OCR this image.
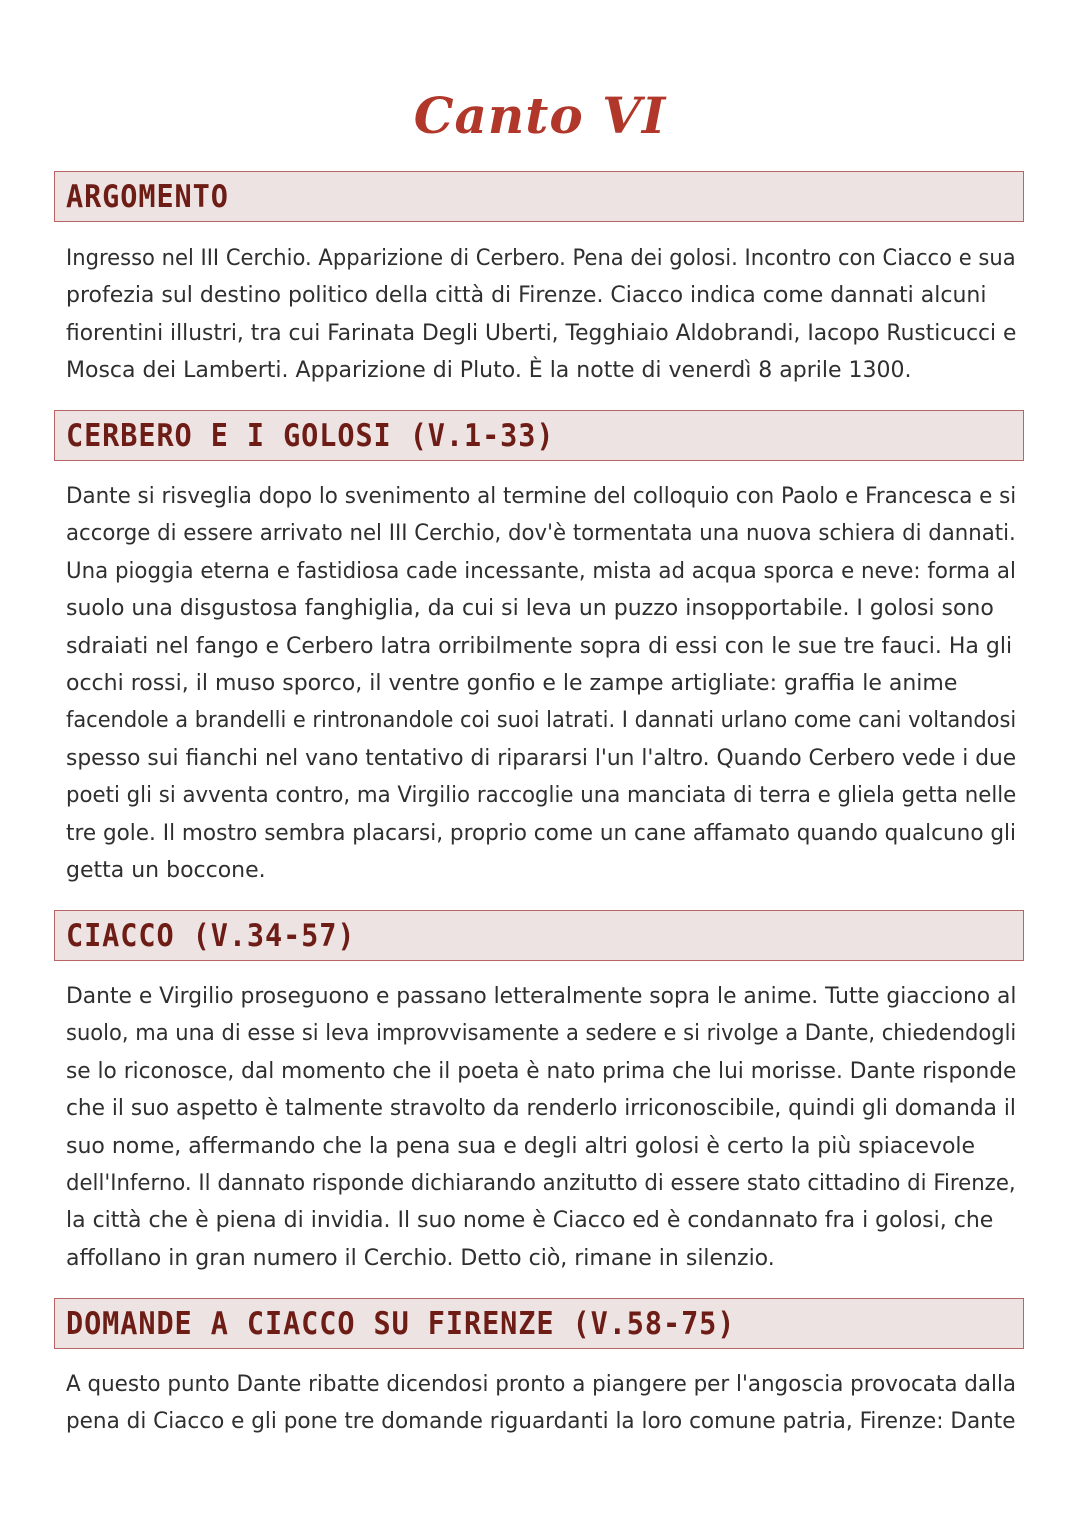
Canto VI
ARGOMENTO

Ingresso nel III Cerchio. Apparizione di Cerbero. Pena dei golosi. Incontro con Ciacco e sua
profezia sul destino politico della città di Firenze. Ciacco indica come dannati alcuni
fiorentini illustri, tra cui Farinata Degli Uberti, Tegghiaio Aldobrandi, Iacopo Rusticucci e
Mosca dei Lamberti. Apparizione di Pluto. È la notte di venerdì 8 aprile 1300.

CERBERO E I GOLOSI (V.1-33)

Dante si risveglia dopo lo svenimento al termine del colloquio con Paolo e Francesca e si
accorge di essere arrivato nel III Cerchio, dov'è tormentata una nuova schiera di dannati.
Una pioggia eterna e fastidiosa cade incessante, mista ad acqua sporca e neve: forma al
suolo una disgustosa fanghiglia, da cui si leva un puzzo insopportabile. I golosi sono
sdraiati nel fango e Cerbero latra orribilmente sopra di essi con le sue tre fauci. Ha gli
occhi rossi, il muso sporco, il ventre gonfio e le zampe artigliate: graffia le anime
facendole a brandelli e rintronandole coi suoi latrati. I dannati urlano come cani voltandosi
spesso sui fianchi nel vano tentativo di ripararsi l'un l'altro. Quando Cerbero vede i due
poeti gli si avventa contro, ma Virgilio raccoglie una manciata di terra e gliela getta nelle
tre gole. Il mostro sembra placarsi, proprio come un cane affamato quando qualcuno gli
getta un boccone.

CIACCO (V.34-57)

Dante e Virgilio proseguono e passano letteralmente sopra le anime. Tutte giacciono al
suolo, ma una di esse si leva improvvisamente a sedere e si rivolge a Dante, chiedendogli
se lo riconosce, dal momento che il poeta è nato prima che lui morisse. Dante risponde
che il suo aspetto è talmente stravolto da renderlo irriconoscibile, quindi gli domanda il
suo nome, affermando che la pena sua e degli altri golosi è certo la più spiacevole
dell'Inferno. Il dannato risponde dichiarando anzitutto di essere stato cittadino di Firenze,
la città che è piena di invidia. Il suo nome è Ciacco ed è condannato fra i golosi, che
affollano in gran numero il Cerchio. Detto ciò, rimane in silenzio.

DOMANDE A CIACCO SU FIRENZE (V.58-75)

A questo punto Dante ribatte dicendosi pronto a piangere per l'angoscia provocata dalla
pena di Ciacco e gli pone tre domande riguardanti la loro comune patria, Firenze: Dante
